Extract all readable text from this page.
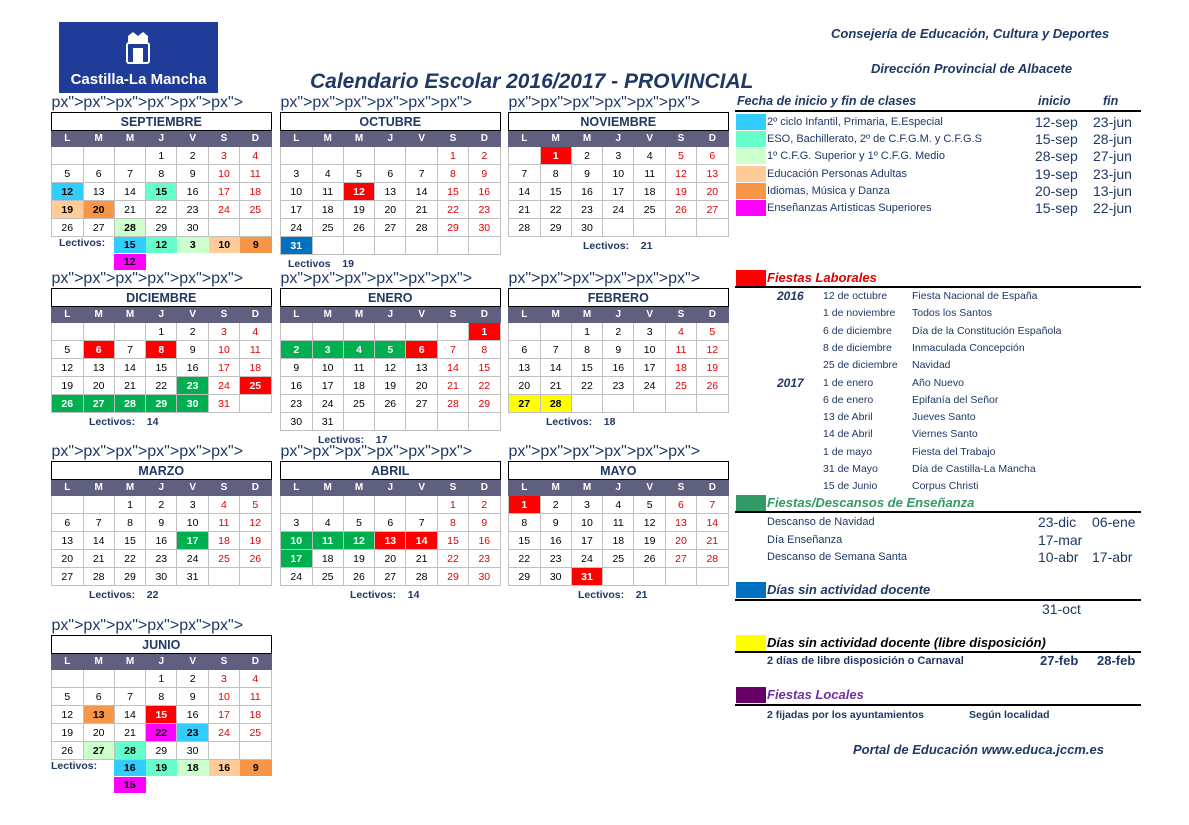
Castilla-La Mancha
Consejería de Educación, Cultura y Deportes
Dirección Provincial de Albacete
Calendario Escolar 2016/2017 - PROVINCIAL
px">px">px">px">px">px">SEPTIEMBRE						
L	M	M	J	V	S	D
			1	2	3	4
5	6	7	8	9	10	11
12	13	14	15	16	17	18
19	20	21	22	23	24	25
26	27	28	29	30		
px">px">px">px">px">px">OCTUBRE						
L	M	M	J	V	S	D
					1	2
3	4	5	6	7	8	9
10	11	12	13	14	15	16
17	18	19	20	21	22	23
24	25	26	27	28	29	30
31						
px">px">px">px">px">px">NOVIEMBRE						
L	M	M	J	V	S	D
	1	2	3	4	5	6
7	8	9	10	11	12	13
14	15	16	17	18	19	20
21	22	23	24	25	26	27
28	29	30				
px">px">px">px">px">px">DICIEMBRE						
L	M	M	J	V	S	D
			1	2	3	4
5	6	7	8	9	10	11
12	13	14	15	16	17	18
19	20	21	22	23	24	25
26	27	28	29	30	31	
px">px">px">px">px">px">ENERO						
L	M	M	J	V	S	D
						1
2	3	4	5	6	7	8
9	10	11	12	13	14	15
16	17	18	19	20	21	22
23	24	25	26	27	28	29
30	31					
px">px">px">px">px">px">FEBRERO						
L	M	M	J	V	S	D
		1	2	3	4	5
6	7	8	9	10	11	12
13	14	15	16	17	18	19
20	21	22	23	24	25	26
27	28					
px">px">px">px">px">px">MARZO						
L	M	M	J	V	S	D
		1	2	3	4	5
6	7	8	9	10	11	12
13	14	15	16	17	18	19
20	21	22	23	24	25	26
27	28	29	30	31		
px">px">px">px">px">px">ABRIL						
L	M	M	J	V	S	D
					1	2
3	4	5	6	7	8	9
10	11	12	13	14	15	16
17	18	19	20	21	22	23
24	25	26	27	28	29	30
px">px">px">px">px">px">MAYO						
L	M	M	J	V	S	D
1	2	3	4	5	6	7
8	9	10	11	12	13	14
15	16	17	18	19	20	21
22	23	24	25	26	27	28
29	30	31				
px">px">px">px">px">px">JUNIO						
L	M	M	J	V	S	D
			1	2	3	4
5	6	7	8	9	10	11
12	13	14	15	16	17	18
19	20	21	22	23	24	25
26	27	28	29	30		
Fecha de inicio y fin de clases	inicio	fin
2º ciclo Infantil, Primaria, E.Especial	12-sep 23-jun
ESO, Bachillerato, 2º de C.F.G.M. y C.F.G.S	15-sep 28-jun
1º C.F.G. Superior y 1º C.F.G. Medio	28-sep 27-jun
Educación Personas Adultas	19-sep 23-jun
Idiomas, Música y Danza	20-sep 13-jun
Enseñanzas Artísticas Superiores	15-sep 22-jun
Fiestas Laborales
2016 12 de octubre Fiesta Nacional de España
1 de noviembre Todos los Santos
6 de diciembre Día de la Constitución Española
8 de diciembre Inmaculada Concepción
25 de diciembre Navidad
2017 1 de enero	Año Nuevo
6 de enero	Epifanía del Señor
13 de Abril	Jueves Santo
14 de Abril	Viernes Santo
1 de mayo	Fiesta del Trabajo
31 de Mayo	Día de Castilla-La Mancha
15 de Junio	Corpus Christi
Fiestas/Descansos de Enseñanza
Descanso de Navidad	23-dic 06-ene
Día Enseñanza	17-mar
Descanso de Semana Santa	10-abr 17-abr
Días sin actividad docente
31-oct
Días sin actividad docente (libre disposición)
2 días de libre disposición o Carnaval	27-feb 28-feb
Fiestas Locales
2 fijadas por los ayuntamientos	Según localidad
Portal de Educación www.educa.jccm.es
Lectivos:	15	12	3	10	9
12	Lectivos 19
Lectivos: 21
Lectivos: 14
Lectivos: 17
Lectivos: 18
Lectivos: 22	Lectivos: 14	Lectivos: 21
Lectivos:	16	19	18	16	9
15
